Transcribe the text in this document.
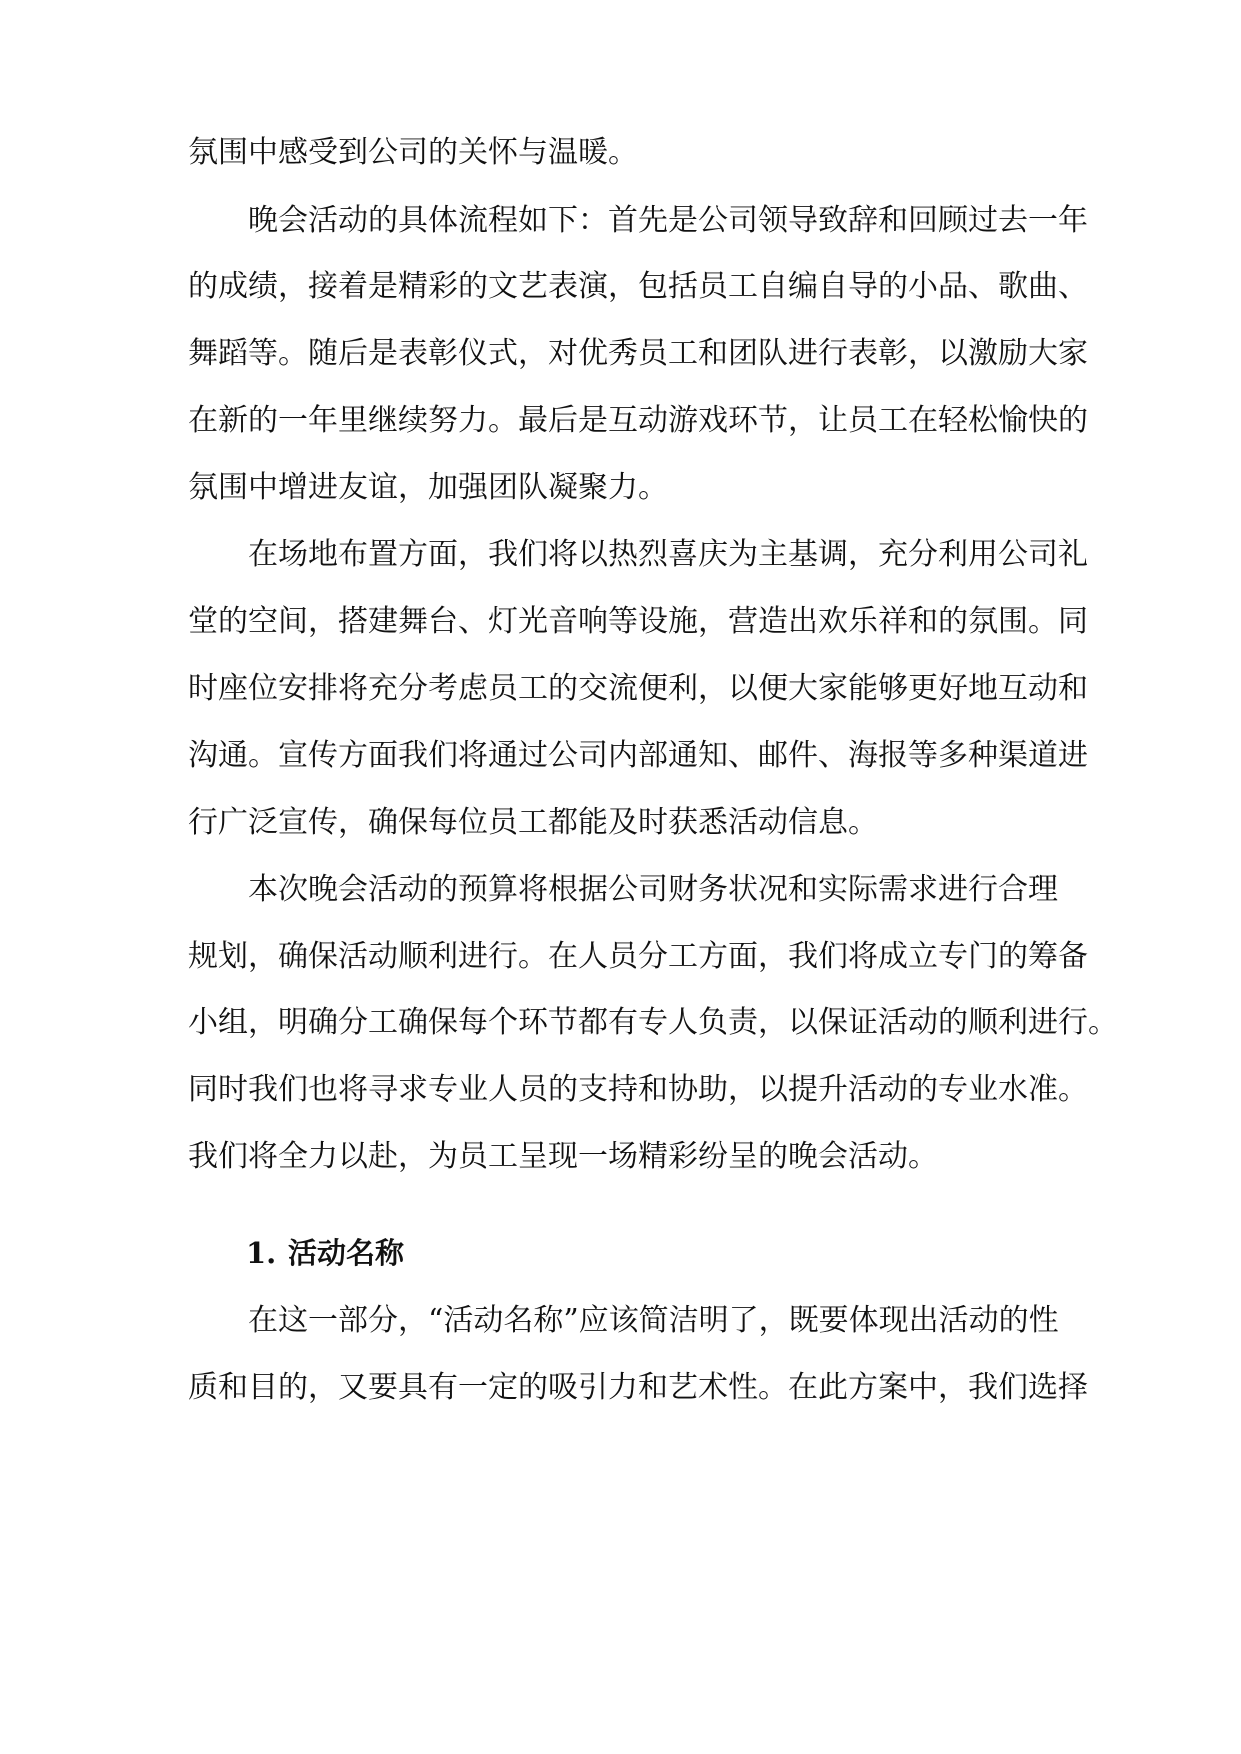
氛围中感受到公司的关怀与温暖。
晚会活动的具体流程如下：首先是公司领导致辞和回顾过去一年
的成绩，接着是精彩的文艺表演，包括员工自编自导的小品、歌曲、
舞蹈等。随后是表彰仪式，对优秀员工和团队进行表彰，以激励大家
在新的一年里继续努力。最后是互动游戏环节，让员工在轻松愉快的
氛围中增进友谊，加强团队凝聚力。
在场地布置方面，我们将以热烈喜庆为主基调，充分利用公司礼
堂的空间，搭建舞台、灯光音响等设施，营造出欢乐祥和的氛围。同
时座位安排将充分考虑员工的交流便利，以便大家能够更好地互动和
沟通。宣传方面我们将通过公司内部通知、邮件、海报等多种渠道进
行广泛宣传，确保每位员工都能及时获悉活动信息。
本次晚会活动的预算将根据公司财务状况和实际需求进行合理
规划，确保活动顺利进行。在人员分工方面，我们将成立专门的筹备
小组，明确分工确保每个环节都有专人负责，以保证活动的顺利进行。
同时我们也将寻求专业人员的支持和协助，以提升活动的专业水准。
我们将全力以赴，为员工呈现一场精彩纷呈的晚会活动。
1. 活动名称
在这一部分，“活动名称”应该简洁明了，既要体现出活动的性
质和目的，又要具有一定的吸引力和艺术性。在此方案中，我们选择
